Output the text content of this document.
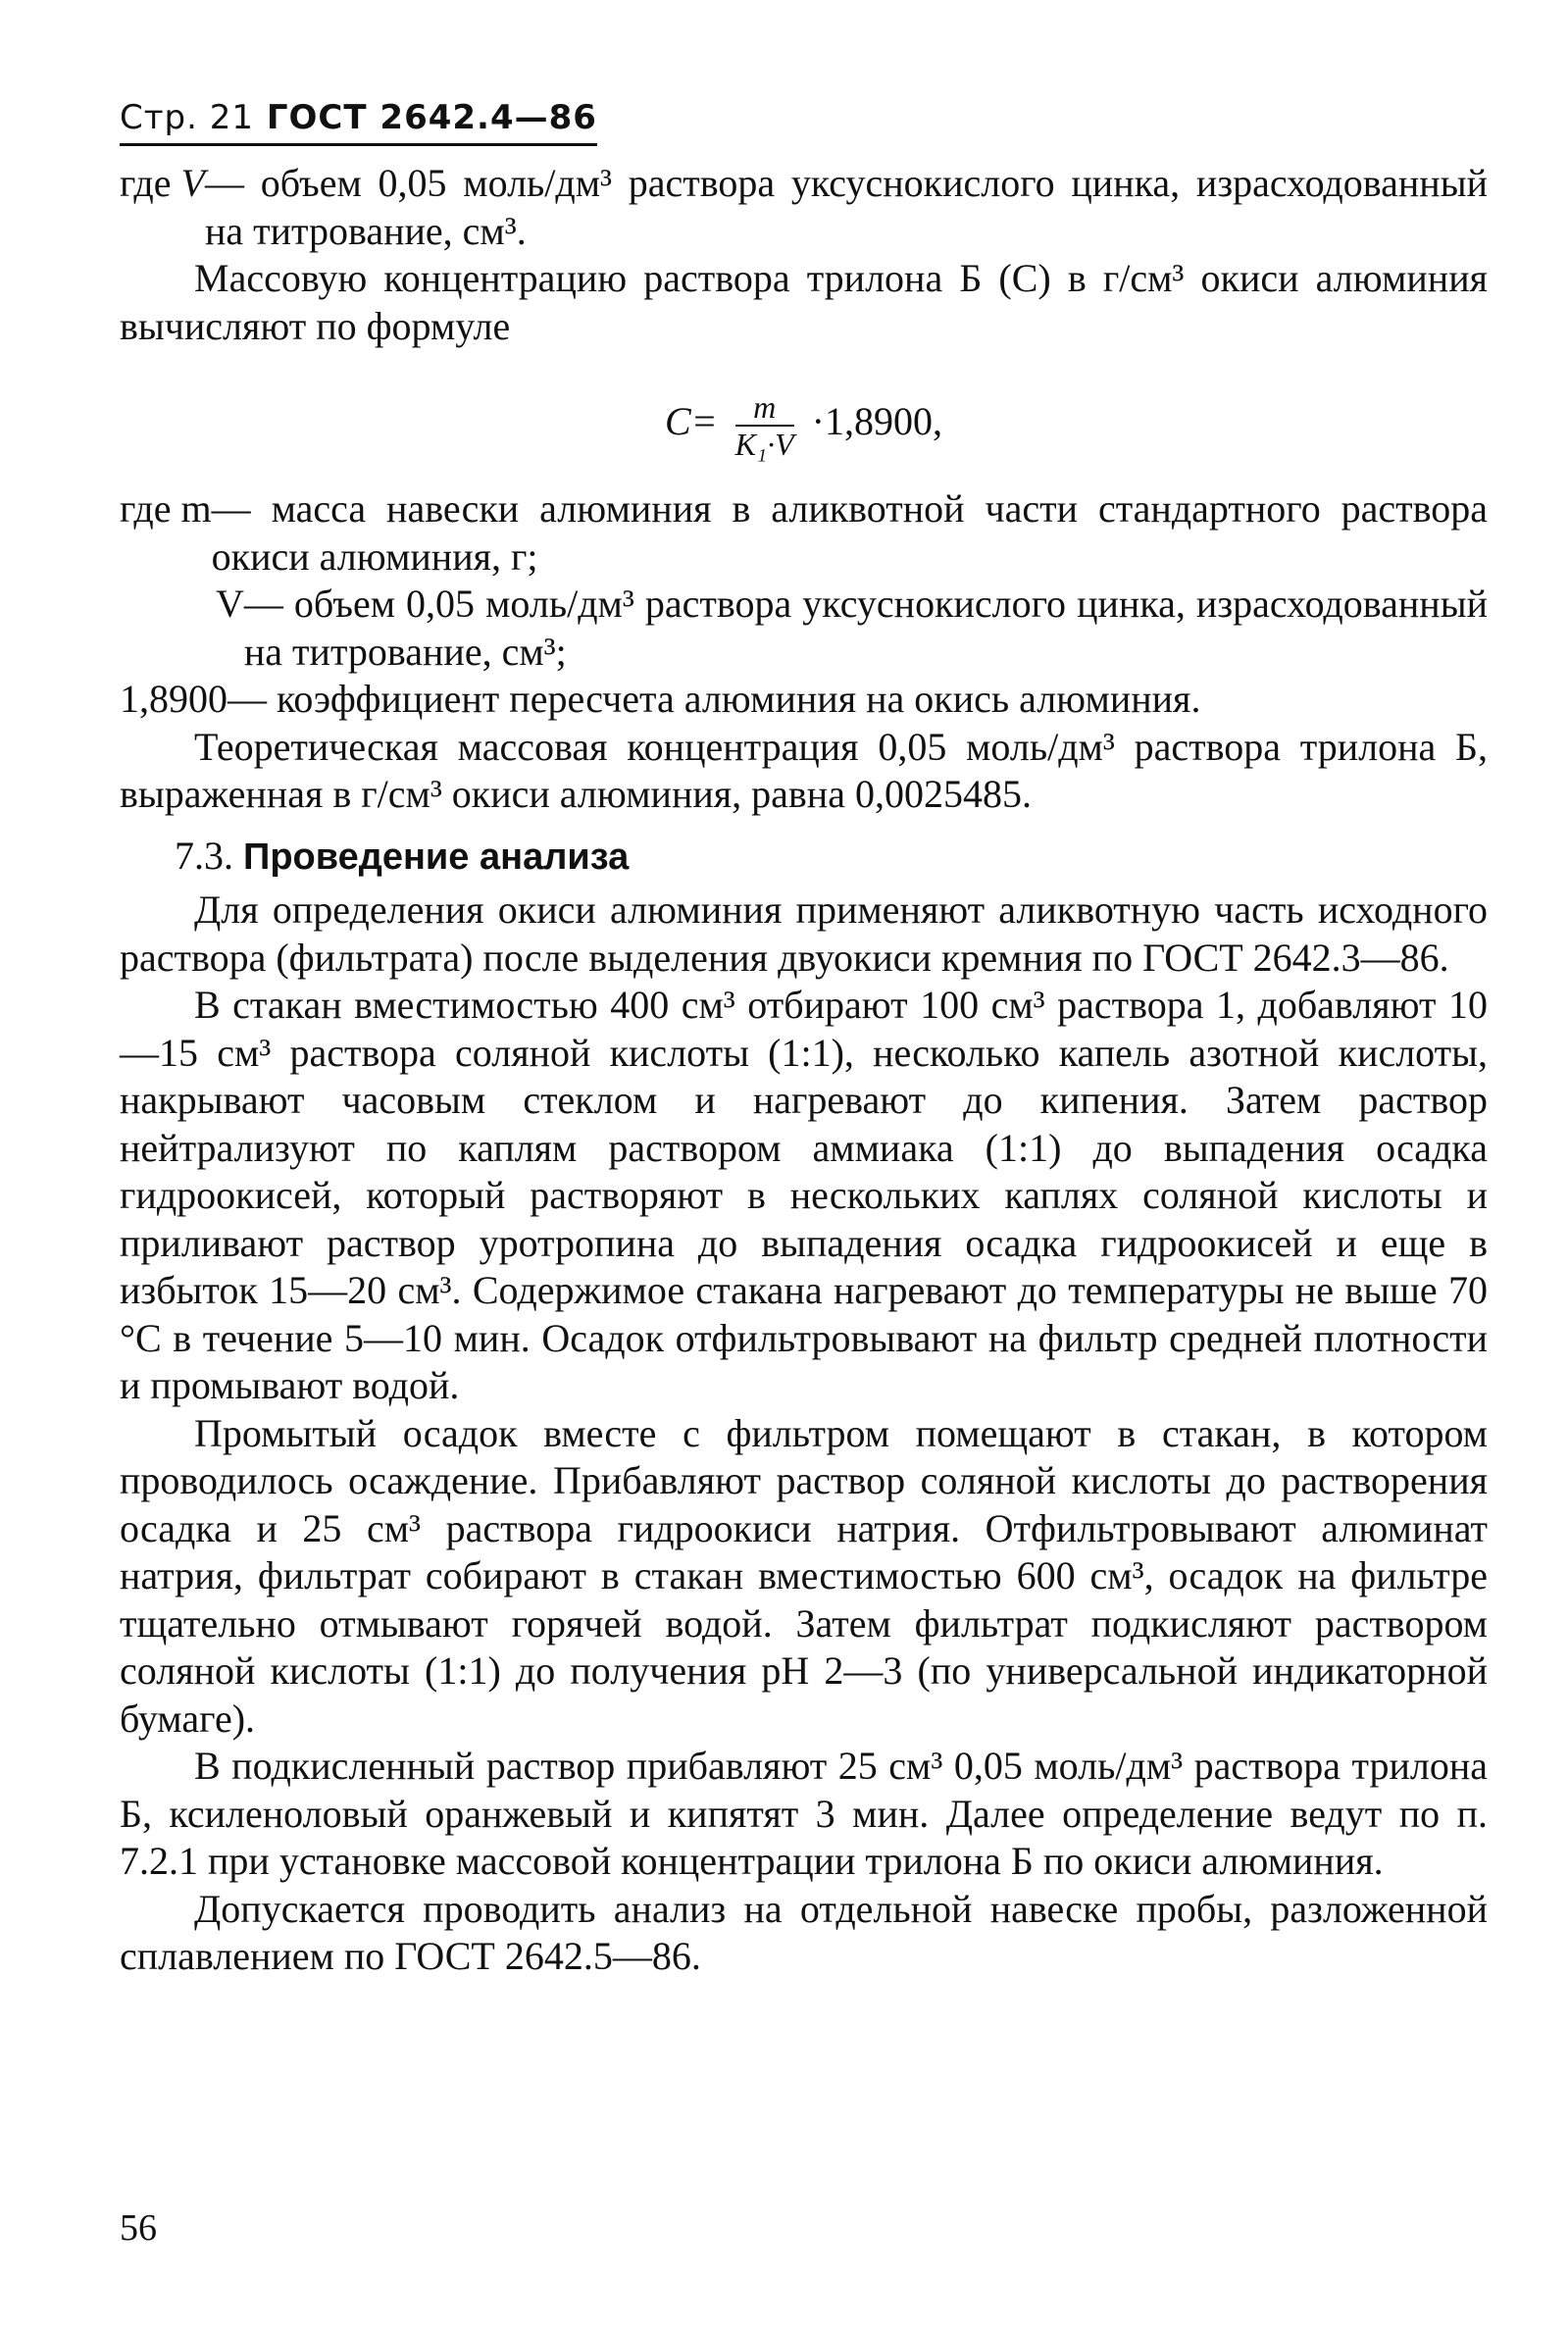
Стр. 21 ГОСТ 2642.4—86
где V — объем 0,05 моль/дм³ раствора уксуснокислого цинка, израсходованный на титрование, см³.

Массовую концентрацию раствора трилона Б (C) в г/см³ окиси алюминия вычисляют по формуле

$C= \frac{m}{\text{K₁·V}} \cdot 1,8900$,
где m — масса навески алюминия в аликвотной части стандартного раствора окиси алюминия, г;
V — объем 0,05 моль/дм³ раствора уксуснокислого цинка, израсходованный на титрование, см³;
1,8900 — коэффициент пересчета алюминия на окись алюминия.

Теоретическая массовая концентрация 0,05 моль/дм³ раствора трилона Б, выраженная в г/см³ окиси алюминия, равна 0,0025485.

7.3. Проведение анализа

Для определения окиси алюминия применяют аликвотную часть исходного раствора (фильтрата) после выделения двуокиси кремния по ГОСТ 2642.3—86.

В стакан вместимостью 400 см³ отбирают 100 см³ раствора 1, добавляют 10—15 см³ раствора соляной кислоты (1:1), несколько капель азотной кислоты, накрывают часовым стеклом и нагревают до кипения. Затем раствор нейтрализуют по каплям раствором аммиака (1:1) до выпадения осадка гидроокисей, который растворяют в нескольких каплях соляной кислоты и приливают раствор уротропина до выпадения осадка гидроокисей и еще в избыток 15—20 см³. Содержимое стакана нагревают до температуры не выше 70 °С в течение 5—10 мин. Осадок отфильтровывают на фильтр средней плотности и промывают водой.

Промытый осадок вместе с фильтром помещают в стакан, в котором проводилось осаждение. Прибавляют раствор соляной кислоты до растворения осадка и 25 см³ раствора гидроокиси натрия. Отфильтровывают алюминат натрия, фильтрат собирают в стакан вместимостью 600 см³, осадок на фильтре тщательно отмывают горячей водой. Затем фильтрат подкисляют раствором соляной кислоты (1:1) до получения рН 2—3 (по универсальной индикаторной бумаге).

В подкисленный раствор прибавляют 25 см³ 0,05 моль/дм³ раствора трилона Б, ксиленоловый оранжевый и кипятят 3 мин. Далее определение ведут по п. 7.2.1 при установке массовой концентрации трилона Б по окиси алюминия.

Допускается проводить анализ на отдельной навеске пробы, разложенной сплавлением по ГОСТ 2642.5—86.

56
